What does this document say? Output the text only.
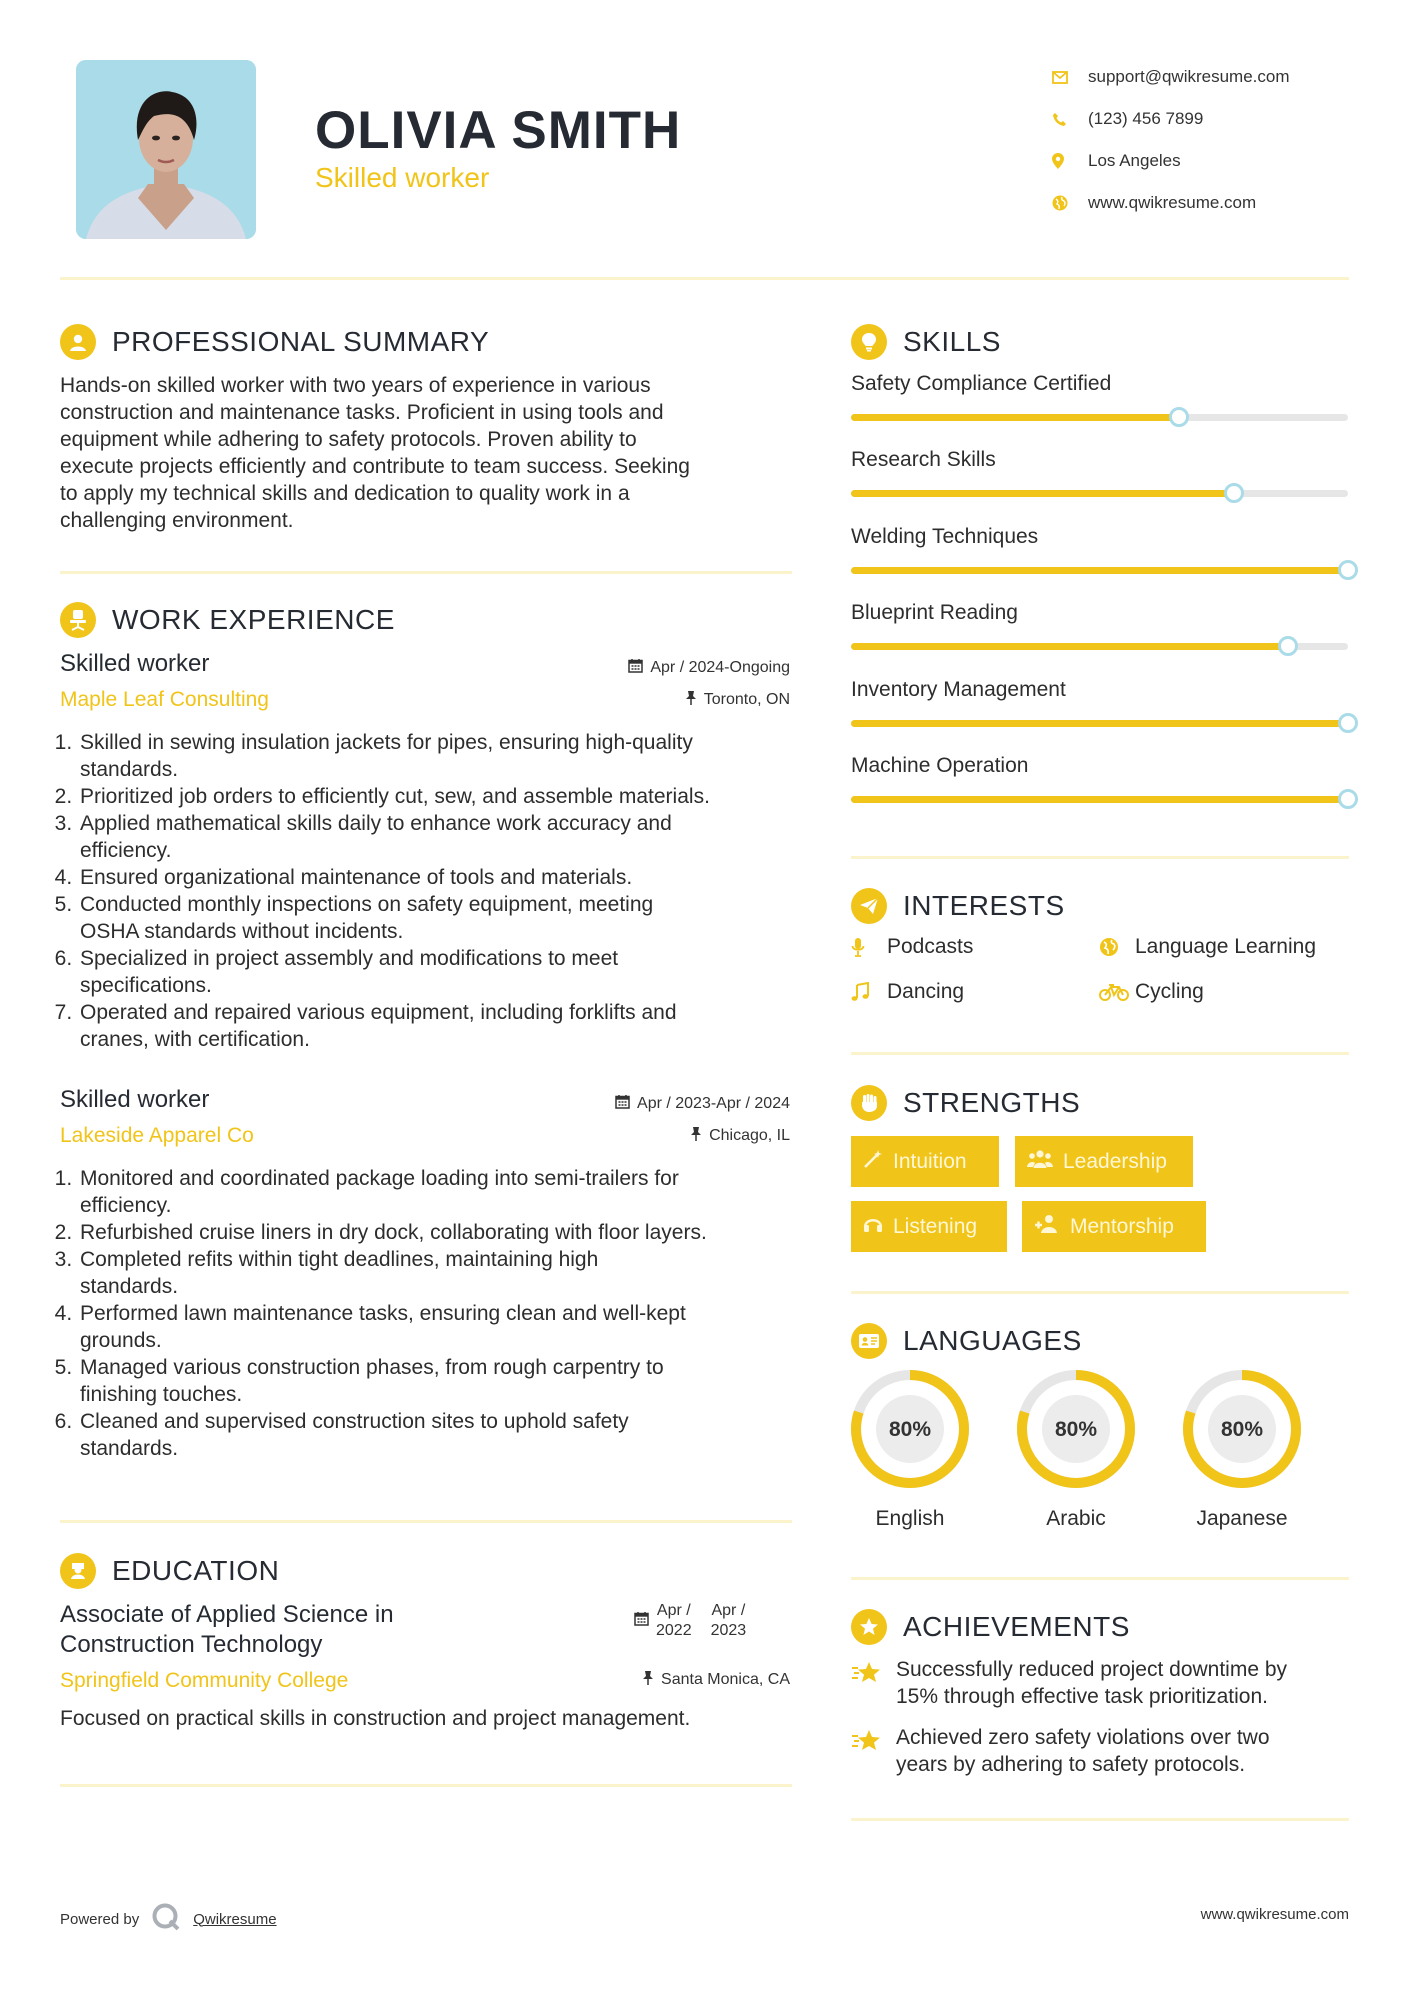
OLIVIA SMITH
Skilled worker
support@qwikresume.com
(123) 456 7899
Los Angeles
www.qwikresume.com
PROFESSIONAL SUMMARY
Hands-on skilled worker with two years of experience in various
construction and maintenance tasks. Proficient in using tools and
equipment while adhering to safety protocols. Proven ability to
execute projects efficiently and contribute to team success. Seeking
to apply my technical skills and dedication to quality work in a
challenging environment.
WORK EXPERIENCE
Skilled worker	Apr / 2024-Ongoing
Maple Leaf Consulting	Toronto, ON
1. Skilled in sewing insulation jackets for pipes, ensuring high-quality
standards.
2. Prioritized job orders to efficiently cut, sew, and assemble materials.
3. Applied mathematical skills daily to enhance work accuracy and
efficiency.
4. Ensured organizational maintenance of tools and materials.
5. Conducted monthly inspections on safety equipment, meeting
OSHA standards without incidents.
6. Specialized in project assembly and modifications to meet
specifications.
7. Operated and repaired various equipment, including forklifts and
cranes, with certification.
Skilled worker	Apr / 2023-Apr / 2024
Lakeside Apparel Co	Chicago, IL
1. Monitored and coordinated package loading into semi-trailers for
efficiency.
2. Refurbished cruise liners in dry dock, collaborating with floor layers.
3. Completed refits within tight deadlines, maintaining high
standards.
4. Performed lawn maintenance tasks, ensuring clean and well-kept
grounds.
5. Managed various construction phases, from rough carpentry to
finishing touches.
6. Cleaned and supervised construction sites to uphold safety
standards.
EDUCATION
Associate of Applied Science in
Construction Technology
Apr /
2022
Apr /
2023
Springfield Community College	Santa Monica, CA
Focused on practical skills in construction and project management.
SKILLS
Safety Compliance Certified
Research Skills
Welding Techniques
Blueprint Reading
Inventory Management
Machine Operation
INTERESTS
Podcasts	Language Learning
Dancing	Cycling
STRENGTHS
Intuition	Leadership
Listening	Mentorship
LANGUAGES
80%
English
80%
Arabic
80%
Japanese
ACHIEVEMENTS
Successfully reduced project downtime by
15% through effective task prioritization.
Achieved zero safety violations over two
years by adhering to safety protocols.
Powered by	Qwikresume	www.qwikresume.com
